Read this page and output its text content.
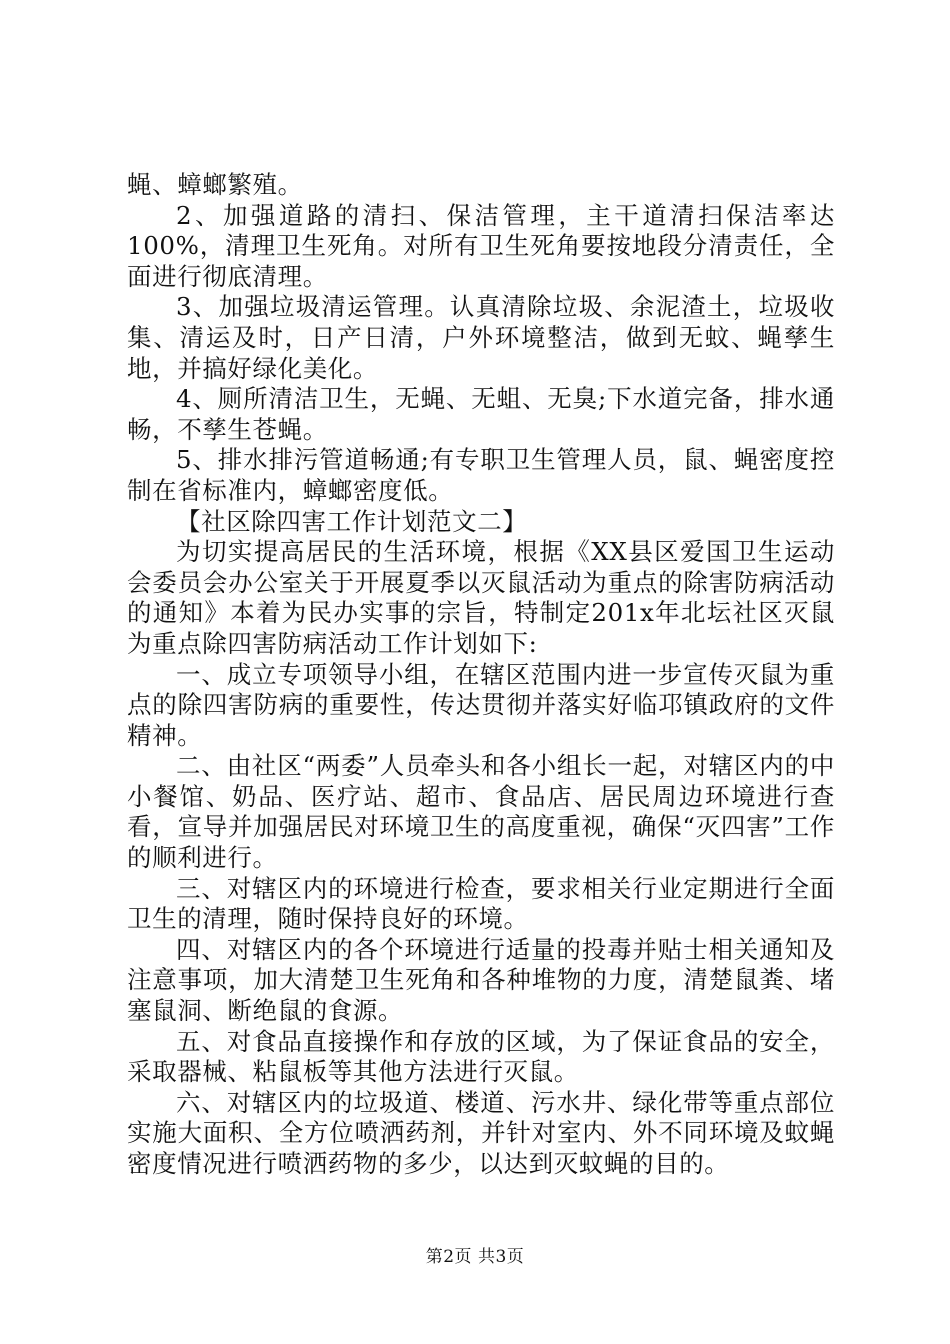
蝇、蟑螂繁殖。

2、加强道路的清扫、保洁管理，主干道清扫保洁率达100%，清理卫生死角。对所有卫生死角要按地段分清责任，全面进行彻底清理。

3、加强垃圾清运管理。认真清除垃圾、余泥渣土，垃圾收集、清运及时，日产日清，户外环境整洁，做到无蚊、蝇孳生地，并搞好绿化美化。

4、厕所清洁卫生，无蝇、无蛆、无臭;下水道完备，排水通畅，不孳生苍蝇。

5、排水排污管道畅通;有专职卫生管理人员，鼠、蝇密度控制在省标准内，蟑螂密度低。

【社区除四害工作计划范文二】

为切实提高居民的生活环境，根据《XX县区爱国卫生运动会委员会办公室关于开展夏季以灭鼠活动为重点的除害防病活动的通知》本着为民办实事的宗旨，特制定201x年北坛社区灭鼠为重点除四害防病活动工作计划如下:

一、成立专项领导小组，在辖区范围内进一步宣传灭鼠为重点的除四害防病的重要性，传达贯彻并落实好临邛镇政府的文件精神。

二、由社区“两委”人员牵头和各小组长一起，对辖区内的中小餐馆、奶品、医疗站、超市、食品店、居民周边环境进行查看，宣导并加强居民对环境卫生的高度重视，确保“灭四害”工作的顺利进行。

三、对辖区内的环境进行检查，要求相关行业定期进行全面卫生的清理，随时保持良好的环境。

四、对辖区内的各个环境进行适量的投毒并贴士相关通知及注意事项，加大清楚卫生死角和各种堆物的力度，清楚鼠粪、堵塞鼠洞、断绝鼠的食源。

五、对食品直接操作和存放的区域，为了保证食品的安全，采取器械、粘鼠板等其他方法进行灭鼠。

六、对辖区内的垃圾道、楼道、污水井、绿化带等重点部位实施大面积、全方位喷洒药剂，并针对室内、外不同环境及蚊蝇密度情况进行喷洒药物的多少，以达到灭蚊蝇的目的。

第2页 共3页
